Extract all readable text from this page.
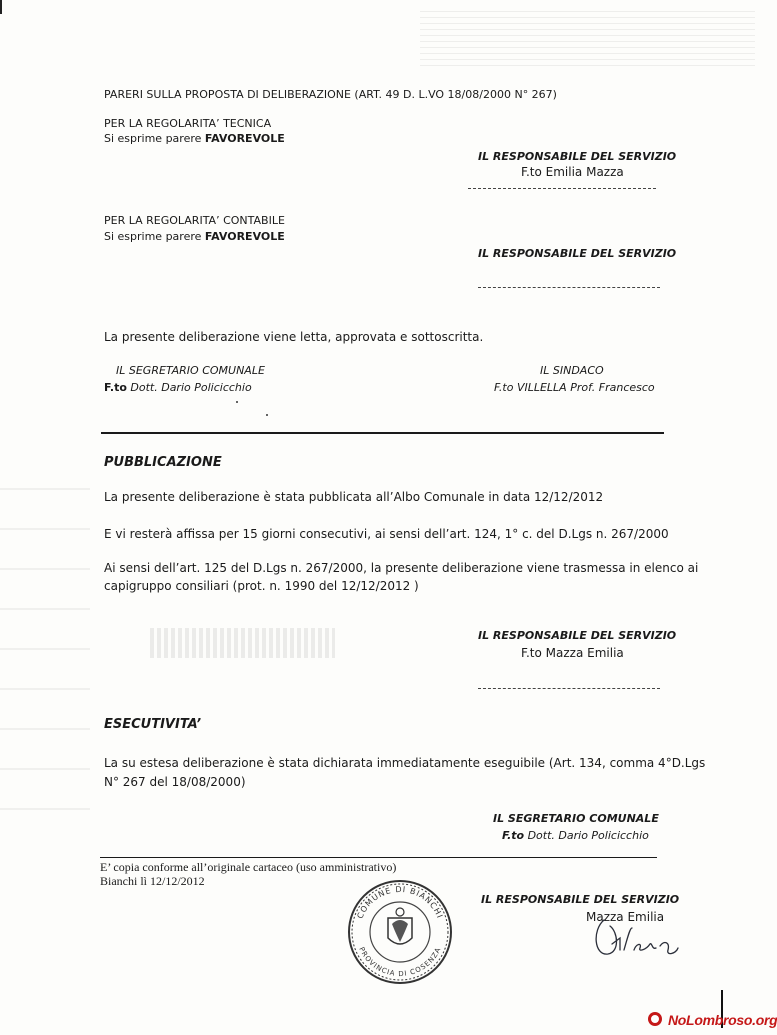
PARERI SULLA PROPOSTA DI DELIBERAZIONE (ART. 49 D. L.VO 18/08/2000 N° 267)
PER LA REGOLARITA’ TECNICA
Si esprime parere FAVOREVOLE
IL RESPONSABILE DEL SERVIZIO
F.to Emilia Mazza
PER LA REGOLARITA’ CONTABILE
Si esprime parere FAVOREVOLE
IL RESPONSABILE DEL SERVIZIO
La presente deliberazione viene letta, approvata e sottoscritta.
IL SEGRETARIO COMUNALE
F.to Dott. Dario Policicchio
IL SINDACO
F.to VILLELLA Prof. Francesco
PUBBLICAZIONE
La presente deliberazione è stata pubblicata all’Albo Comunale in data 12/12/2012
E vi resterà affissa per 15 giorni consecutivi, ai sensi dell’art. 124, 1° c. del D.Lgs n. 267/2000
Ai sensi dell’art. 125 del D.Lgs n. 267/2000, la presente deliberazione viene trasmessa in elenco ai
capigruppo consiliari (prot. n. 1990 del 12/12/2012 )
IL RESPONSABILE DEL SERVIZIO
F.to Mazza Emilia
ESECUTIVITA’
La su estesa deliberazione è stata dichiarata immediatamente eseguibile (Art. 134, comma 4°D.Lgs
N° 267 del 18/08/2000)
IL SEGRETARIO COMUNALE
F.to Dott. Dario Policicchio
E’ copia conforme all’originale cartaceo (uso amministrativo)
Bianchi lì 12/12/2012
IL RESPONSABILE DEL SERVIZIO
Mazza Emilia
COMUNE DI BIANCHI
PROVINCIA DI COSENZA
NoLombroso.org
